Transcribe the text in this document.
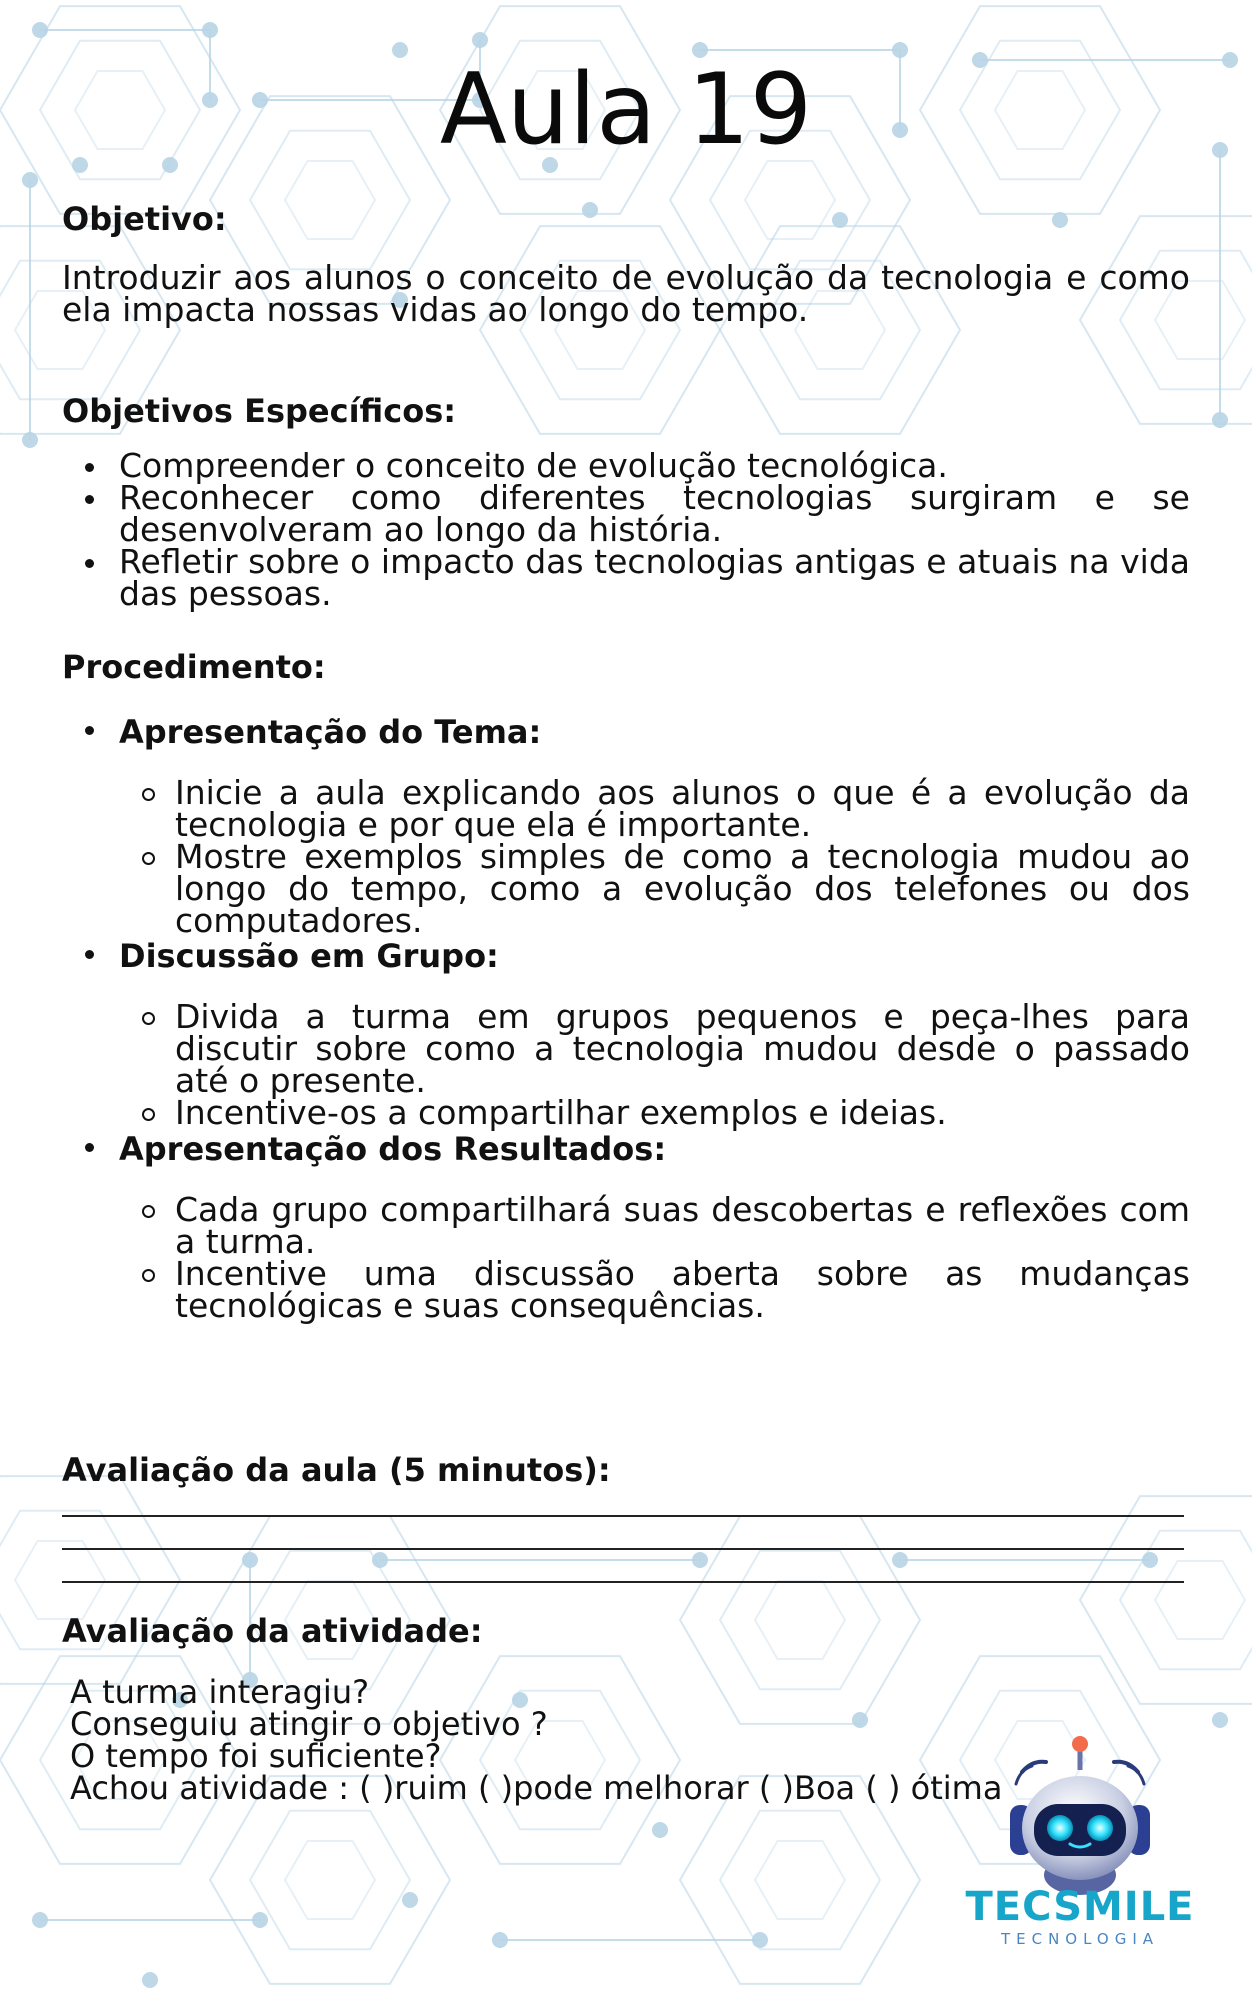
Aula 19

Objetivo:

Introduzir aos alunos o conceito de evolução da tecnologia e como ela impacta nossas vidas ao longo do tempo.

Objetivos Específicos:

Compreender o conceito de evolução tecnológica.
Reconhecer como diferentes tecnologias surgiram e se desenvolveram ao longo da história.
Refletir sobre o impacto das tecnologias antigas e atuais na vida das pessoas.

Procedimento:

Apresentação do Tema:
Inicie a aula explicando aos alunos o que é a evolução da tecnologia e por que ela é importante.
Mostre exemplos simples de como a tecnologia mudou ao longo do tempo, como a evolução dos telefones ou dos computadores.
Discussão em Grupo:
Divida a turma em grupos pequenos e peça-lhes para discutir sobre como a tecnologia mudou desde o passado até o presente.
Incentive-os a compartilhar exemplos e ideias.
Apresentação dos Resultados:
Cada grupo compartilhará suas descobertas e reflexões com a turma.
Incentive uma discussão aberta sobre as mudanças tecnológicas e suas consequências.

Avaliação da aula (5 minutos):

Avaliação da atividade:

A turma interagiu?

Conseguiu atingir o objetivo ?

O tempo foi suficiente?

Achou atividade : ( )ruim ( )pode melhorar ( )Boa ( ) ótima

TECSMILE
TECNOLOGIA
